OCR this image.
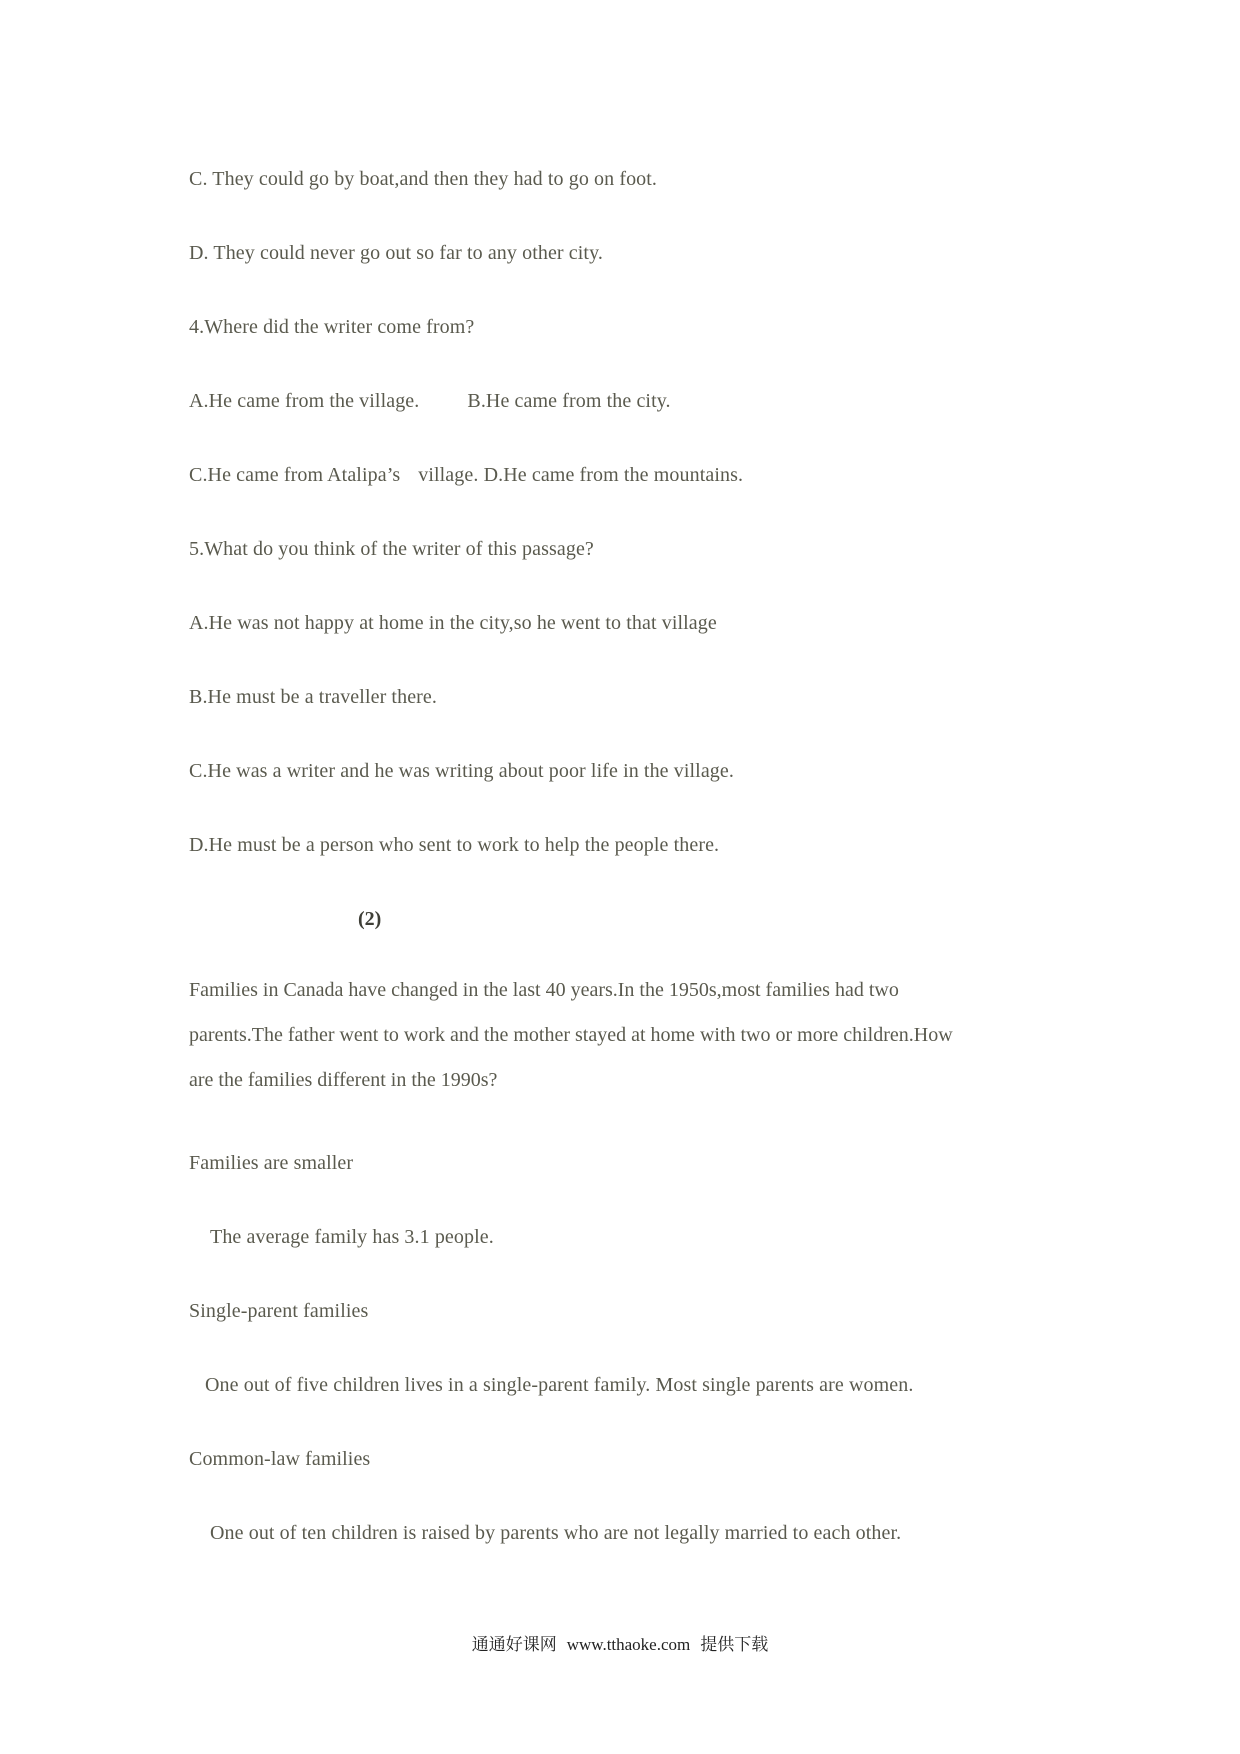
C. They could go by boat,and then they had to go on foot.
D. They could never go out so far to any other city.
4.Where did the writer come from?
A.He came from the village. B.He came from the city.
C.He came from Atalipa’s village. D.He came from the mountains.
5.What do you think of the writer of this passage?
A.He was not happy at home in the city,so he went to that village
B.He must be a traveller there.
C.He was a writer and he was writing about poor life in the village.
D.He must be a person who sent to work to help the people there.
(2)
Families in Canada have changed in the last 40 years.In the 1950s,most families had two
parents.The father went to work and the mother stayed at home with two or more children.How
are the families different in the 1990s?
Families are smaller
The average family has 3.1 people.
Single-parent families
One out of five children lives in a single-parent family. Most single parents are women.
Common-law families
One out of ten children is raised by parents who are not legally married to each other.
通通好课网 www.tthaoke.com 提供下载
